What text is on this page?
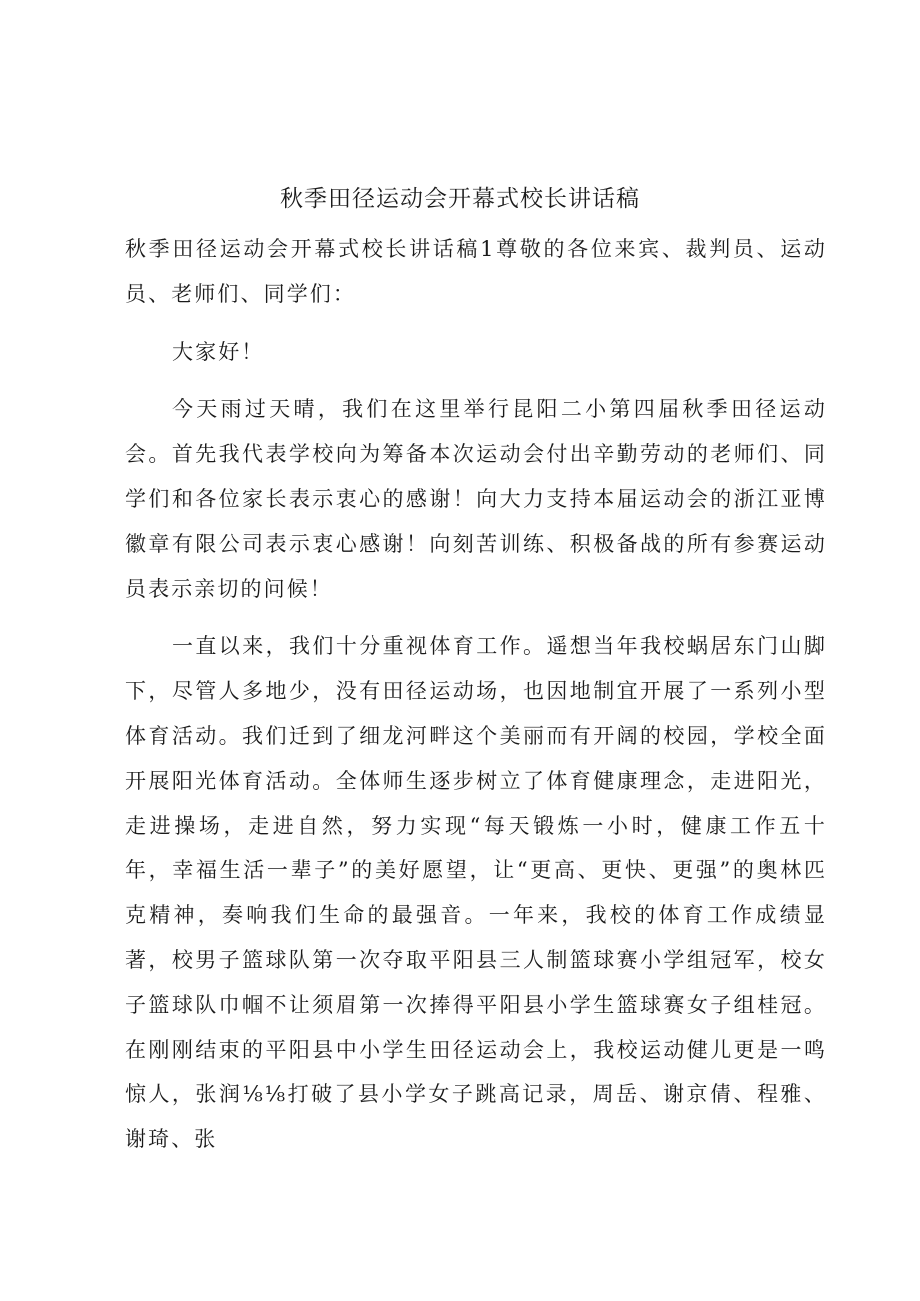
秋季田径运动会开幕式校长讲话稿

秋季田径运动会开幕式校长讲话稿1尊敬的各位来宾、裁判员、运动员、老师们、同学们：

大家好！

今天雨过天晴，我们在这里举行昆阳二小第四届秋季田径运动会。首先我代表学校向为筹备本次运动会付出辛勤劳动的老师们、同学们和各位家长表示衷心的感谢！向大力支持本届运动会的浙江亚博徽章有限公司表示衷心感谢！向刻苦训练、积极备战的所有参赛运动员表示亲切的问候！

一直以来，我们十分重视体育工作。遥想当年我校蜗居东门山脚下，尽管人多地少，没有田径运动场，也因地制宜开展了一系列小型体育活动。我们迁到了细龙河畔这个美丽而有开阔的校园，学校全面开展阳光体育活动。全体师生逐步树立了体育健康理念，走进阳光，走进操场，走进自然，努力实现“每天锻炼一小时，健康工作五十年，幸福生活一辈子”的美好愿望，让“更高、更快、更强”的奥林匹克精神，奏响我们生命的最强音。一年来，我校的体育工作成绩显著，校男子篮球队第一次夺取平阳县三人制篮球赛小学组冠军，校女子篮球队巾帼不让须眉第一次捧得平阳县小学生篮球赛女子组桂冠。在刚刚结束的平阳县中小学生田径运动会上，我校运动健儿更是一鸣惊人，张润⅛⅛打破了县小学女子跳高记录，周岳、谢京倩、程雅、谢琦、张
